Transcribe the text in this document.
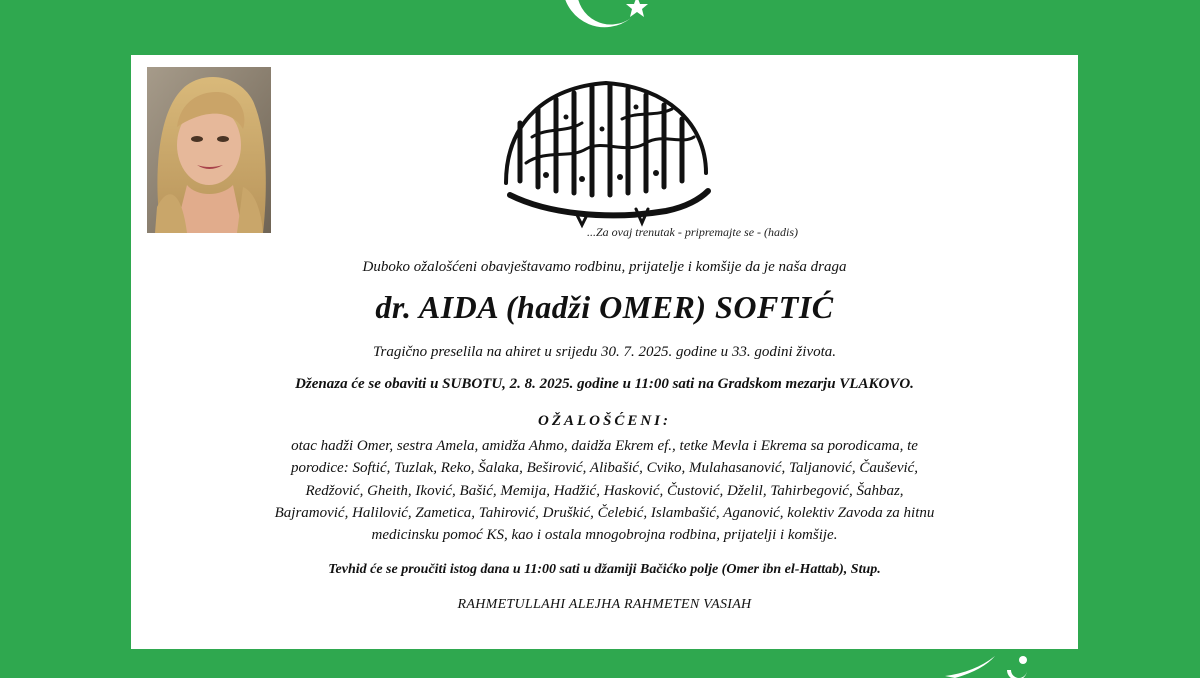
...Za ovaj trenutak - pripremajte se - (hadis)
Duboko ožalošćeni obavještavamo rodbinu, prijatelje i komšije da je naša draga
dr. AIDA (hadži OMER) SOFTIĆ
Tragično preselila na ahiret u srijedu 30. 7. 2025. godine u 33. godini života.
Dženaza će se obaviti u SUBOTU, 2. 8. 2025. godine u 11:00 sati na Gradskom mezarju VLAKOVO.
OŽALOŠĆENI:
otac hadži Omer, sestra Amela, amidža Ahmo, daidža Ekrem ef., tetke Mevla i Ekrema sa porodicama, te
porodice: Softić, Tuzlak, Reko, Šalaka, Beširović, Alibašić, Cviko, Mulahasanović, Taljanović, Čaušević,
Redžović, Gheith, Iković, Bašić, Memija, Hadžić, Hasković, Čustović, Dželil, Tahirbegović, Šahbaz,
Bajramović, Halilović, Zametica, Tahirović, Druškić, Čelebić, Islambašić, Aganović, kolektiv Zavoda za hitnu
medicinsku pomoć KS, kao i ostala mnogobrojna rodbina, prijatelji i komšije.
Tevhid će se proučiti istog dana u 11:00 sati u džamiji Bačićko polje (Omer ibn el-Hattab), Stup.
RAHMETULLAHI ALEJHA RAHMETEN VASIAH
